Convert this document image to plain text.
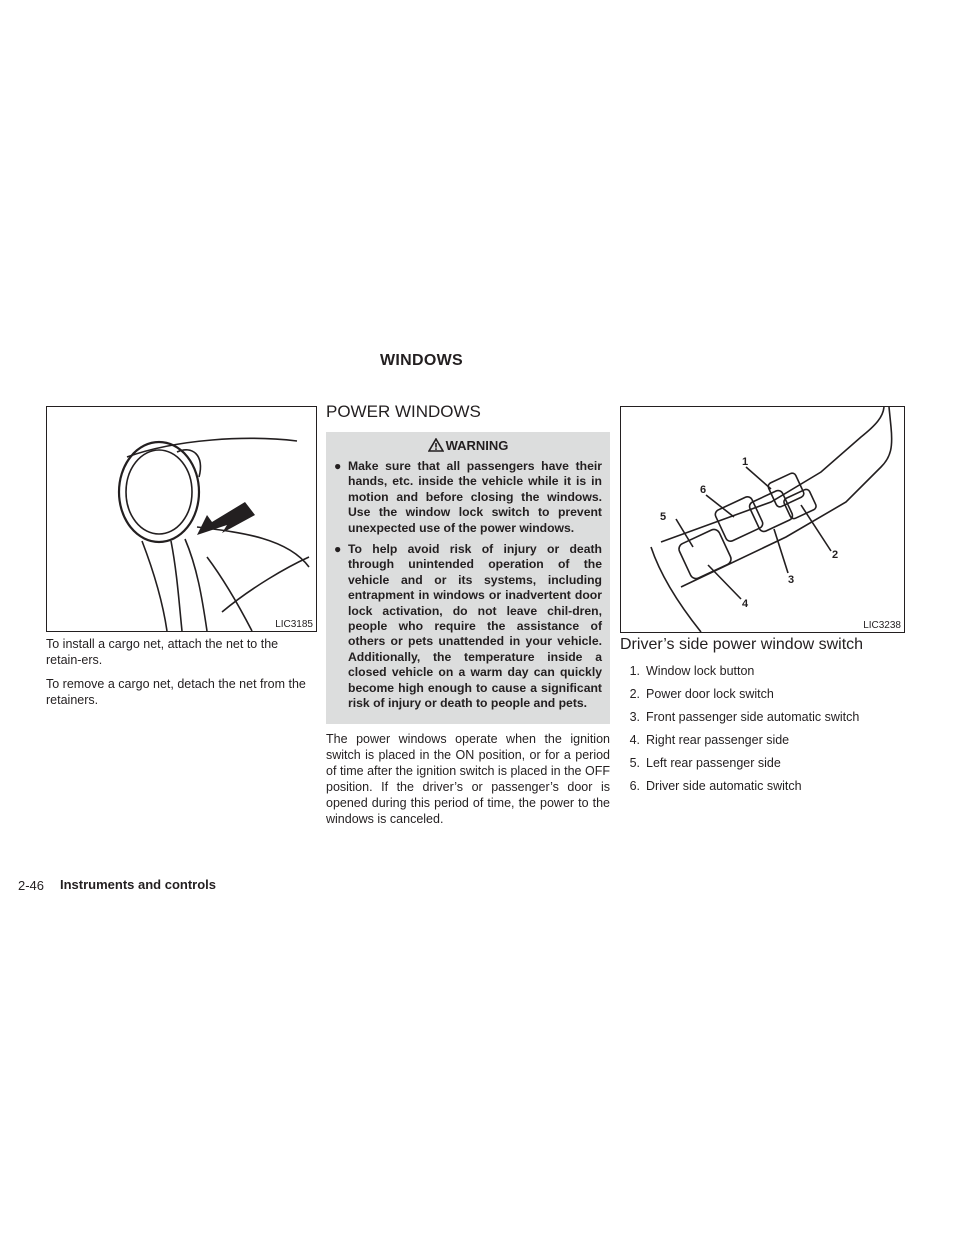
WINDOWS
LIC3185

To install a cargo net, attach the net to the retain-ers.

To remove a cargo net, detach the net from the retainers.

POWER WINDOWS
WARNING
● Make sure that all passengers have their hands, etc. inside the vehicle while it is in motion and before closing the windows. Use the window lock switch to prevent unexpected use of the power windows.
● To help avoid risk of injury or death through unintended operation of the vehicle and or its systems, including entrapment in windows or inadvertent door lock activation, do not leave chil-dren, people who require the assistance of others or pets unattended in your vehicle. Additionally, the temperature inside a closed vehicle on a warm day can quickly become high enough to cause a significant risk of injury or death to people and pets.

The power windows operate when the ignition switch is placed in the ON position, or for a period of time after the ignition switch is placed in the OFF position. If the driver’s or passenger’s door is opened during this period of time, the power to the windows is canceled.

1
2
3
4
5
6
LIC3238
Driver’s side power window switch
1. Window lock button
2. Power door lock switch
3. Front passenger side automatic switch
4. Right rear passenger side
5. Left rear passenger side
6. Driver side automatic switch
2-46 Instruments and controls
